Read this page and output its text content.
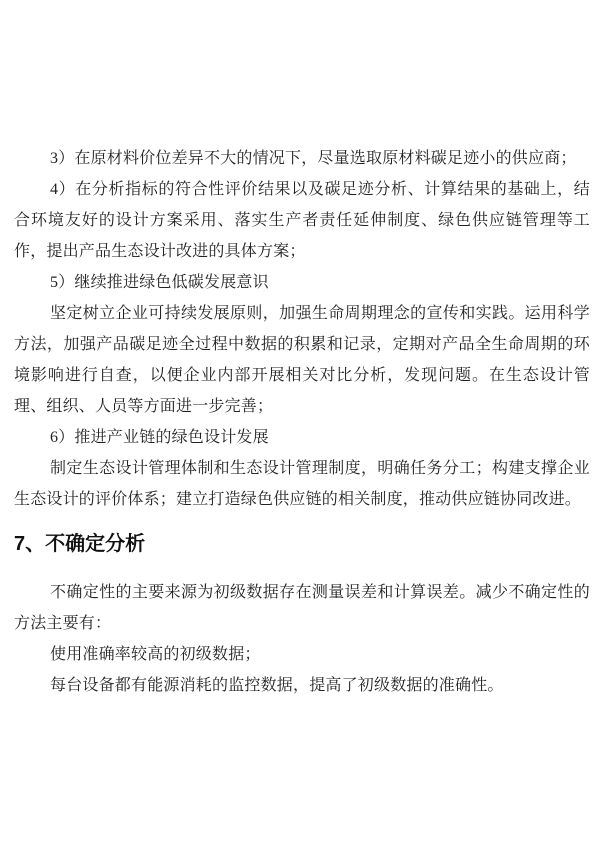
3）在原材料价位差异不大的情况下，尽量选取原材料碳足迹小的供应商；

4）在分析指标的符合性评价结果以及碳足迹分析、计算结果的基础上，结合环境友好的设计方案采用、落实生产者责任延伸制度、绿色供应链管理等工作，提出产品生态设计改进的具体方案；

5）继续推进绿色低碳发展意识

坚定树立企业可持续发展原则，加强生命周期理念的宣传和实践。运用科学方法，加强产品碳足迹全过程中数据的积累和记录，定期对产品全生命周期的环境影响进行自查，以便企业内部开展相关对比分析，发现问题。在生态设计管理、组织、人员等方面进一步完善；

6）推进产业链的绿色设计发展

制定生态设计管理体制和生态设计管理制度，明确任务分工；构建支撑企业生态设计的评价体系；建立打造绿色供应链的相关制度，推动供应链协同改进。

7、不确定分析

不确定性的主要来源为初级数据存在测量误差和计算误差。减少不确定性的方法主要有：

使用准确率较高的初级数据；

每台设备都有能源消耗的监控数据，提高了初级数据的准确性。
